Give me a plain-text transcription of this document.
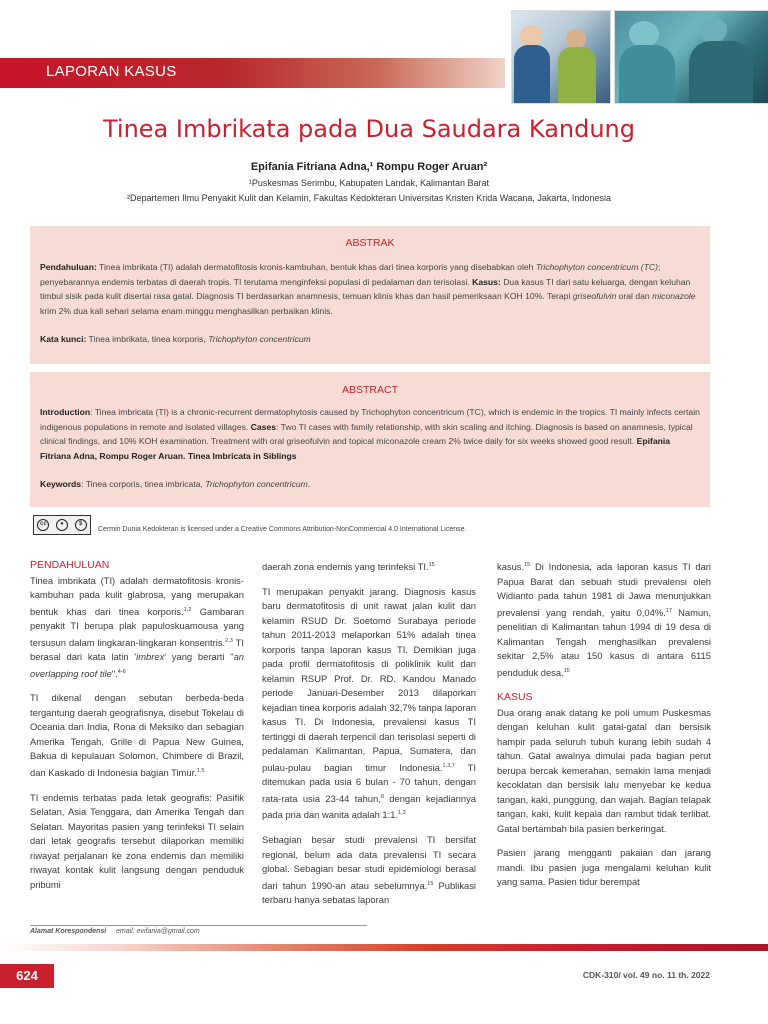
LAPORAN KASUS
Tinea Imbrikata pada Dua Saudara Kandung
Epifania Fitriana Adna,¹ Rompu Roger Aruan²
¹Puskesmas Serimbu, Kabupaten Landak, Kalimantan Barat
²Departemen Ilmu Penyakit Kulit dan Kelamin, Fakultas Kedokteran Universitas Kristen Krida Wacana, Jakarta, Indonesia
ABSTRAK
Pendahuluan: Tinea imbrikata (TI) adalah dermatofitosis kronis-kambuhan, bentuk khas dari tinea korporis yang disebabkan oleh Trichophyton concentricum (TC); penyebarannya endemis terbatas di daerah tropis. TI terutama menginfeksi populasi di pedalaman dan terisolasi. Kasus: Dua kasus TI dari satu keluarga, dengan keluhan timbul sisik pada kulit disertai rasa gatal. Diagnosis TI berdasarkan anamnesis, temuan klinis khas dan hasil pemeriksaan KOH 10%. Terapi griseofulvin oral dan miconazole krim 2% dua kali sehari selama enam minggu menghasilkan perbaikan klinis.
Kata kunci: Tinea imbrikata, tinea korporis, Trichophyton concentricum
ABSTRACT
Introduction: Tinea imbricata (TI) is a chronic-recurrent dermatophytosis caused by Trichophyton concentricum (TC), which is endemic in the tropics. TI mainly infects certain indigenous populations in remote and isolated villages. Cases: Two TI cases with family relationship, with skin scaling and itching. Diagnosis is based on anamnesis, typical clinical findings, and 10% KOH examination. Treatment with oral griseofulvin and topical miconazole cream 2% twice daily for six weeks showed good result. Epifania Fitriana Adna, Rompu Roger Aruan. Tinea Imbricata in Siblings
Keywords: Tinea corporis, tinea imbricata, Trichophyton concentricum.
cc	●	$
Cermin Dunia Kedokteran is licensed under a Creative Commons Attribution-NonCommercial 4.0 International License.
PENDAHULUAN

Tinea imbrikata (TI) adalah dermatofitosis kronis-kambuhan pada kulit glabrosa, yang merupakan bentuk khas dari tinea korporis.$^{1,2}$ Gambaran penyakit TI berupa plak papuloskuamousa yang tersusun dalam lingkaran-lingkaran konsentris.$^{2,3}$ TI berasal dari kata latin 'imbrex' yang berarti "an overlapping roof tile".$^{4-6}$

TI dikenal dengan sebutan berbeda-beda tergantung daerah geografisnya, disebut Tokelau di Oceania dan India, Rona di Meksiko dan sebagian Amerika Tengah, Grille di Papua New Guinea, Bakua di kepulauan Solomon, Chimbere di Brazil, dan Kaskado di Indonesia bagian Timur.$^{1,5}$

TI endemis terbatas pada letak geografis: Pasifik Selatan, Asia Tenggara, dan Amerika Tengah dan Selatan. Mayoritas pasien yang terinfeksi TI selain dari letak geografis tersebut dilaporkan memiliki riwayat perjalanan ke zona endemis dan memiliki riwayat kontak kulit langsung dengan penduduk pribumi

daerah zona endemis yang terinfeksi TI.$^{15}$

TI merupakan penyakit jarang. Diagnosis kasus baru dermatofitosis di unit rawat jalan kulit dan kelamin RSUD Dr. Soetomo Surabaya periode tahun 2011-2013 melaporkan 51% adalah tinea korporis tanpa laporan kasus TI. Demikian juga pada profil dermatofitosis di poliklinik kulit dan kelamin RSUP Prof. Dr. RD. Kandou Manado periode Januari-Desember 2013 dilaporkan kejadian tinea korporis adalah 32,7% tanpa laporan kasus TI. Di Indonesia, prevalensi kasus TI tertinggi di daerah terpencil dan terisolasi seperti di pedalaman Kalimantan, Papua, Sumatera, dan pulau-pulau bagian timur Indonesia.$^{1,3,7}$ TI ditemukan pada usia 6 bulan - 70 tahun, dengan rata-rata usia 23-44 tahun,$^8$ dengan kejadiannya pada pria dan wanita adalah 1:1.$^{1,3}$

Sebagian besar studi prevalensi TI bersifat regional, belum ada data prevalensi TI secara global. Sebagian besar studi epidemiologi berasal dari tahun 1990-an atau sebelumnya.$^{15}$ Publikasi terbaru hanya sebatas laporan

kasus.$^{15}$ Di Indonesia, ada laporan kasus TI dari Papua Barat dan sebuah studi prevalensi oleh Widianto pada tahun 1981 di Jawa menunjukkan prevalensi yang rendah, yaitu 0,04%.$^{17}$ Namun, penelitian di Kalimantan tahun 1994 di 19 desa di Kalimantan Tengah menghasilkan prevalensi sekitar 2,5% atau 150 kasus di antara 6115 penduduk desa.$^{15}$

KASUS

Dua orang anak datang ke poli umum Puskesmas dengan keluhan kulit gatal-gatal dan bersisik hampir pada seluruh tubuh kurang lebih sudah 4 tahun. Gatal awalnya dimulai pada bagian perut berupa bercak kemerahan, semakin lama menjadi kecoklatan dan bersisik lalu menyebar ke kedua tangan, kaki, punggung, dan wajah. Bagian telapak tangan, kaki, kulit kepala dan rambut tidak terlibat. Gatal bertambah bila pasien berkeringat.

Pasien jarang mengganti pakaian dan jarang mandi. Ibu pasien juga mengalami keluhan kulit yang sama. Pasien tidur berempat

Alamat Korespondensi email: evifania@gmail.com
624	CDK-310/ vol. 49 no. 11 th. 2022
